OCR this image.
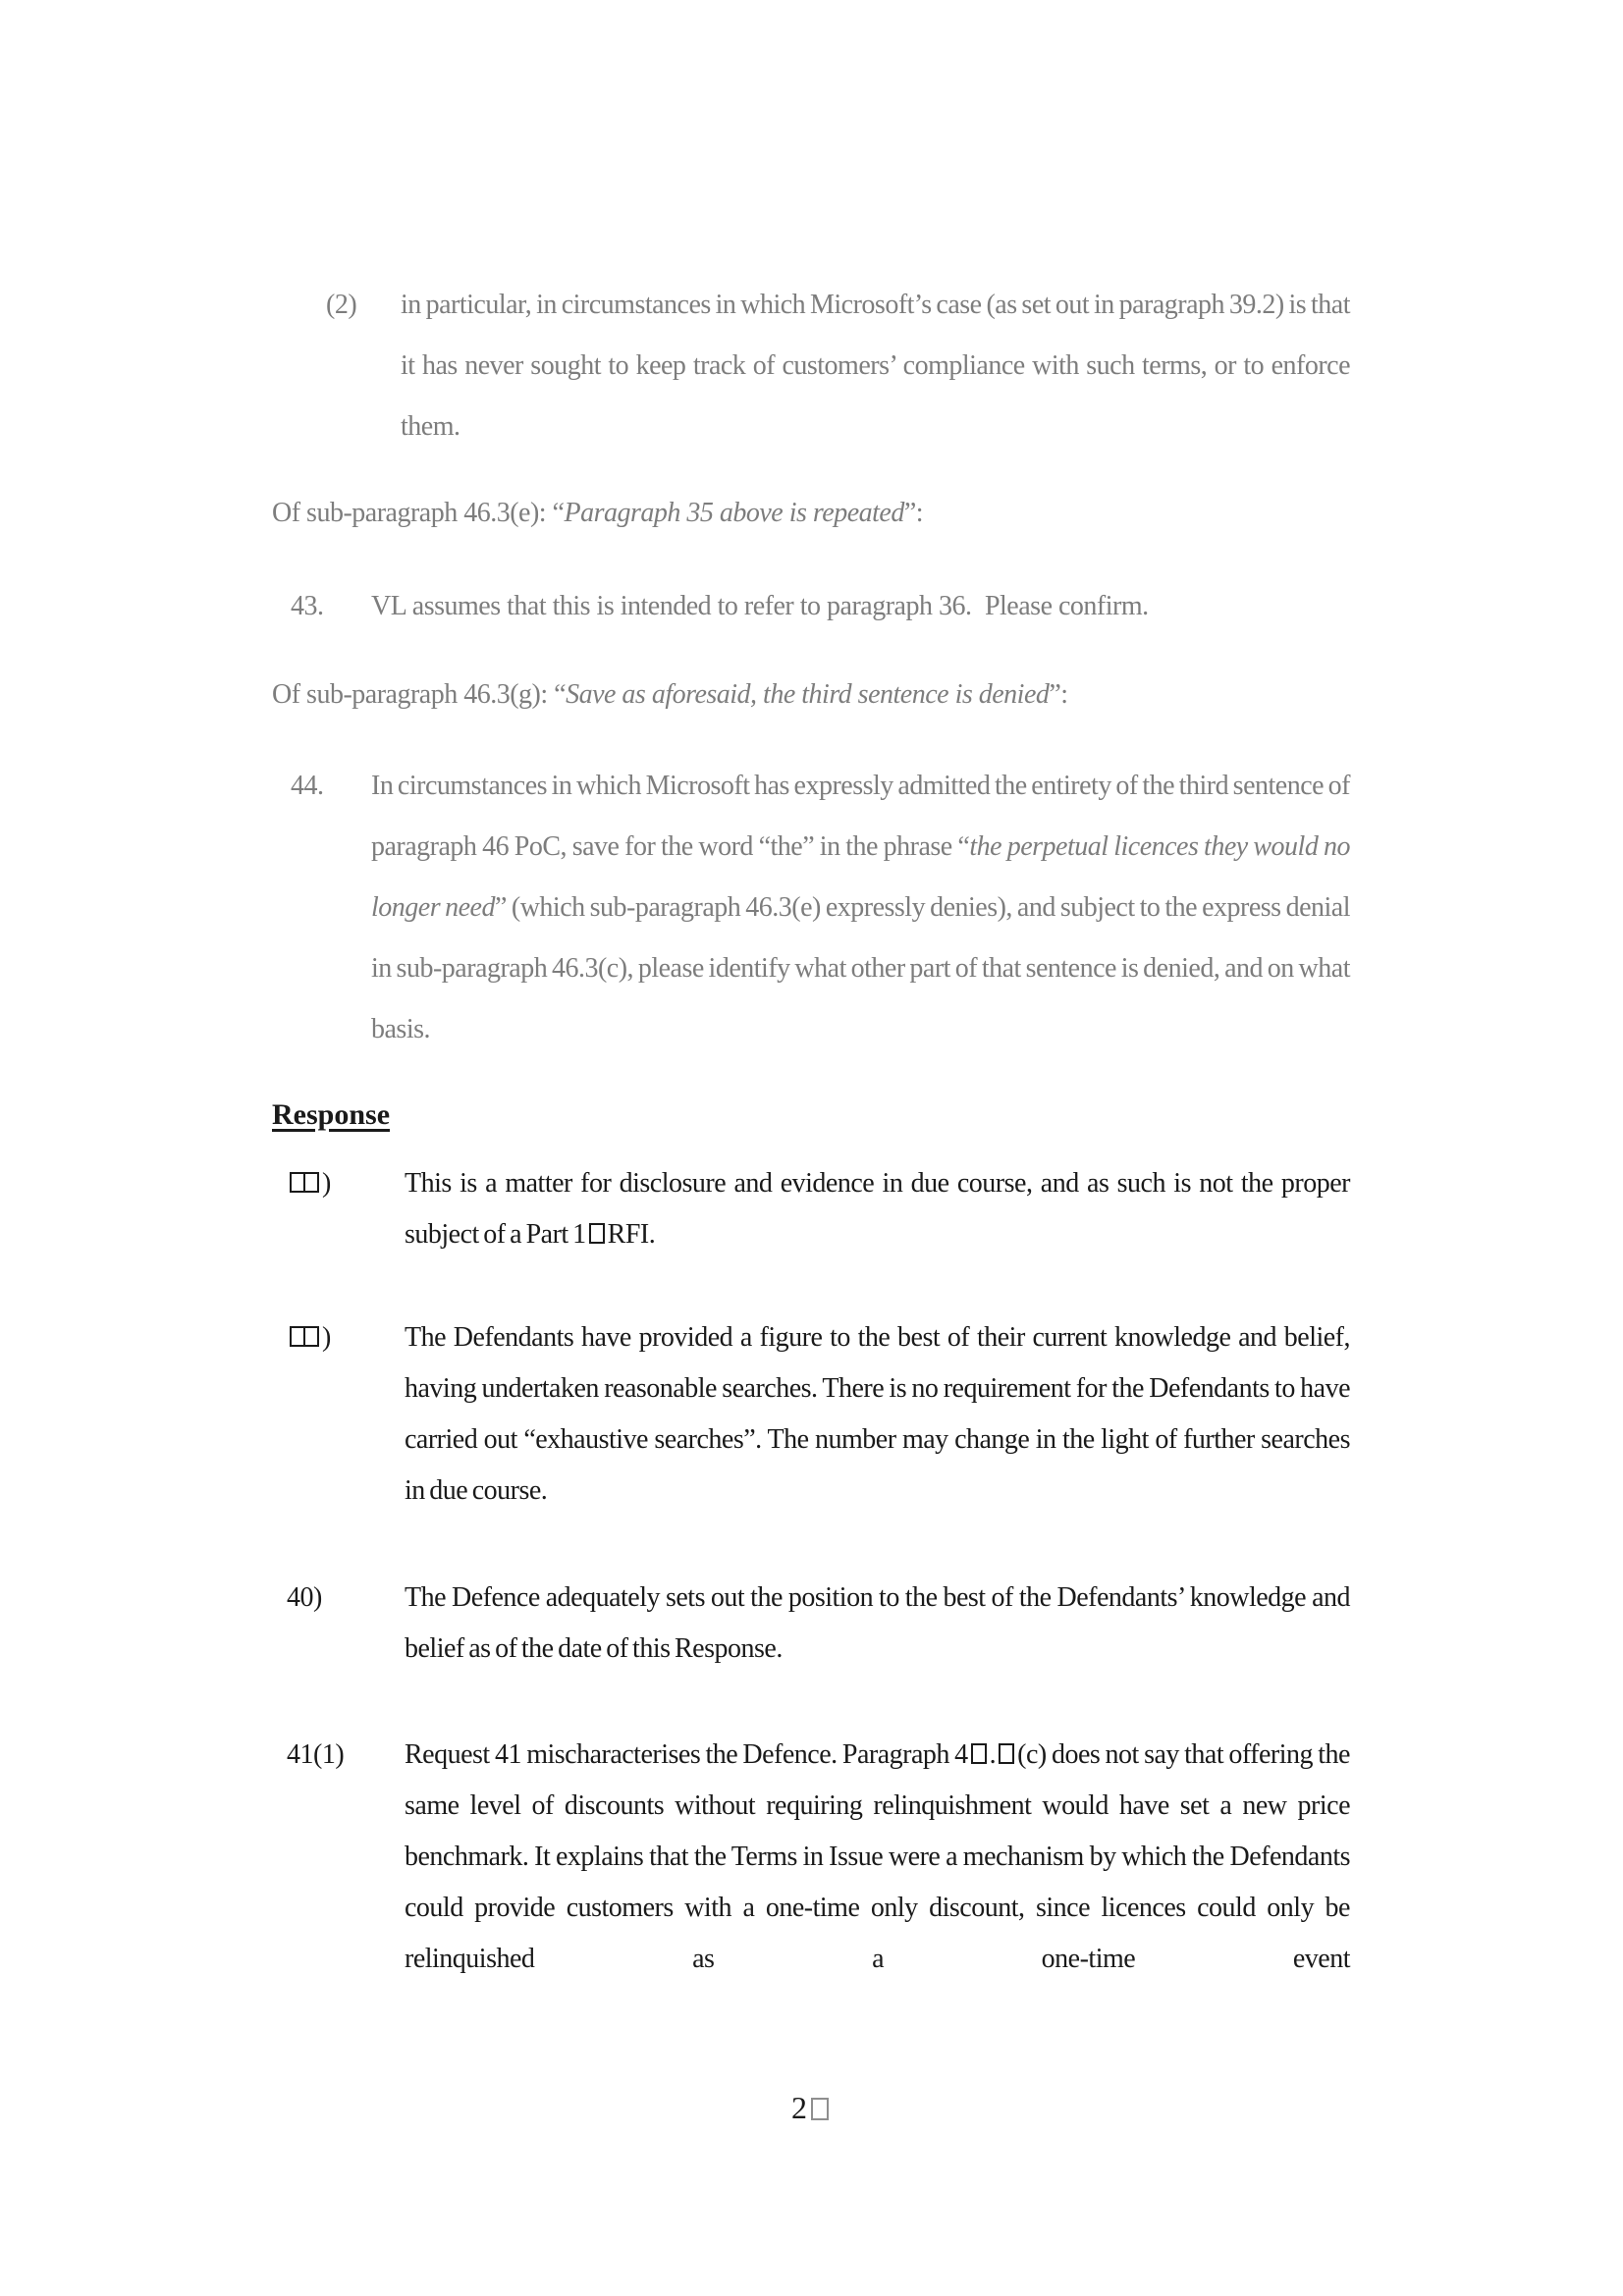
(2) in particular, in circumstances in which Microsoft’s case (as set out in paragraph 39.2) is that it has never sought to keep track of customers’ compliance with such terms, or to enforce them.
Of sub-paragraph 46.3(e): “Paragraph 35 above is repeated”:
43. VL assumes that this is intended to refer to paragraph 36. Please confirm.
Of sub-paragraph 46.3(g): “Save as aforesaid, the third sentence is denied”:
44. In circumstances in which Microsoft has expressly admitted the entirety of the third sentence of paragraph 46 PoC, save for the word “the” in the phrase “the perpetual licences they would no longer need” (which sub-paragraph 46.3(e) expressly denies), and subject to the express denial in sub-paragraph 46.3(c), please identify what other part of that sentence is denied, and on what basis.
Response
)	This is a matter for disclosure and evidence in due course, and as such is not the proper subject of a Part 1 RFI.
)	The Defendants have provided a figure to the best of their current knowledge and belief, having undertaken reasonable searches. There is no requirement for the Defendants to have carried out “exhaustive searches”. The number may change in the light of further searches in due course.
40)	The Defence adequately sets out the position to the best of the Defendants’ knowledge and belief as of the date of this Response.
41(1) Request 41 mischaracterises the Defence. Paragraph 4 . (c) does not say that offering the same level of discounts without requiring relinquishment would have set a new price benchmark. It explains that the Terms in Issue were a mechanism by which the Defendants could provide customers with a one-time only discount, since licences could only be relinquished as a one-time event
2
